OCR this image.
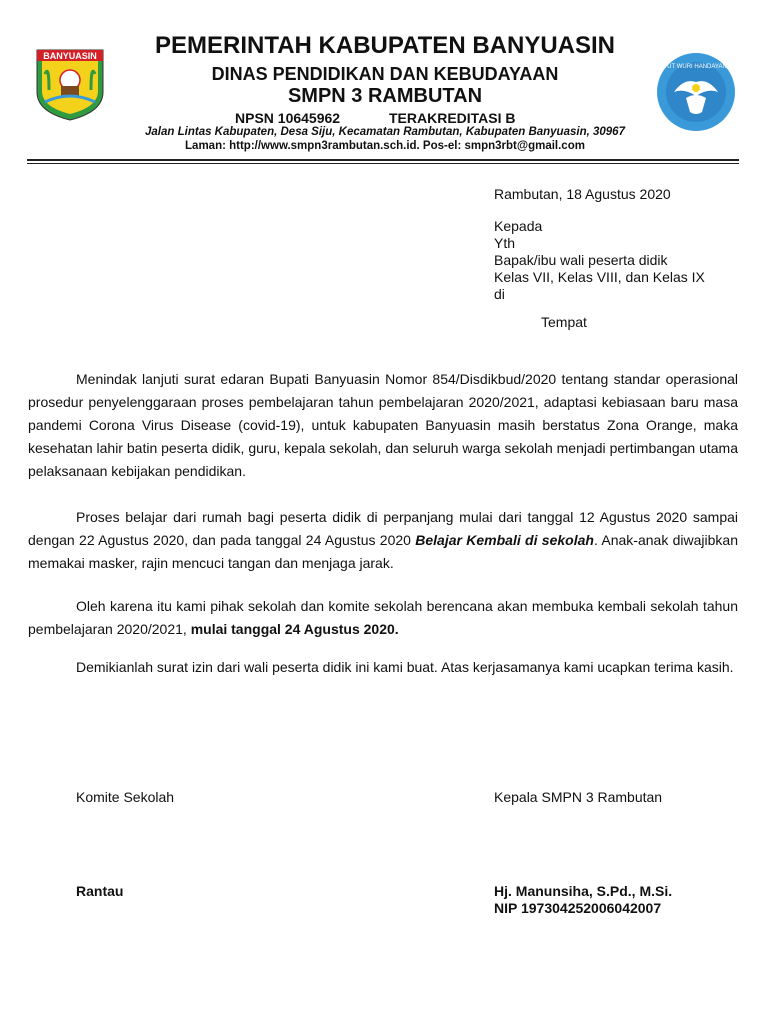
BANYUASIN
TUT WURI HANDAYANI
PEMERINTAH KABUPATEN BANYUASIN
DINAS PENDIDIKAN DAN KEBUDAYAAN
SMPN 3 RAMBUTAN
NPSN 10645962	TERAKREDITASI B
Jalan Lintas Kabupaten, Desa Siju, Kecamatan Rambutan, Kabupaten Banyuasin, 30967
Laman: http://www.smpn3rambutan.sch.id. Pos-el: smpn3rbt@gmail.com
Rambutan, 18 Agustus 2020
Kepada
Yth
Bapak/ibu wali peserta didik
Kelas VII, Kelas VIII, dan Kelas IX
di
Tempat

Menindak lanjuti surat edaran Bupati Banyuasin Nomor 854/Disdikbud/2020 tentang standar operasional prosedur penyelenggaraan proses pembelajaran tahun pembelajaran 2020/2021, adaptasi kebiasaan baru masa pandemi Corona Virus Disease (covid-19), untuk kabupaten Banyuasin masih berstatus Zona Orange, maka kesehatan lahir batin peserta didik, guru, kepala sekolah, dan seluruh warga sekolah menjadi pertimbangan utama pelaksanaan kebijakan pendidikan.

Proses belajar dari rumah bagi peserta didik di perpanjang mulai dari tanggal 12 Agustus 2020 sampai dengan 22 Agustus 2020, dan pada tanggal 24 Agustus 2020 Belajar Kembali di sekolah. Anak-anak diwajibkan memakai masker, rajin mencuci tangan dan menjaga jarak.

Oleh karena itu kami pihak sekolah dan komite sekolah berencana akan membuka kembali sekolah tahun pembelajaran 2020/2021, mulai tanggal 24 Agustus 2020.

Demikianlah surat izin dari wali peserta didik ini kami buat. Atas kerjasamanya kami ucapkan terima kasih.

Komite Sekolah	Kepala SMPN 3 Rambutan
Rantau	Hj. Manunsiha, S.Pd., M.Si.
NIP 197304252006042007
